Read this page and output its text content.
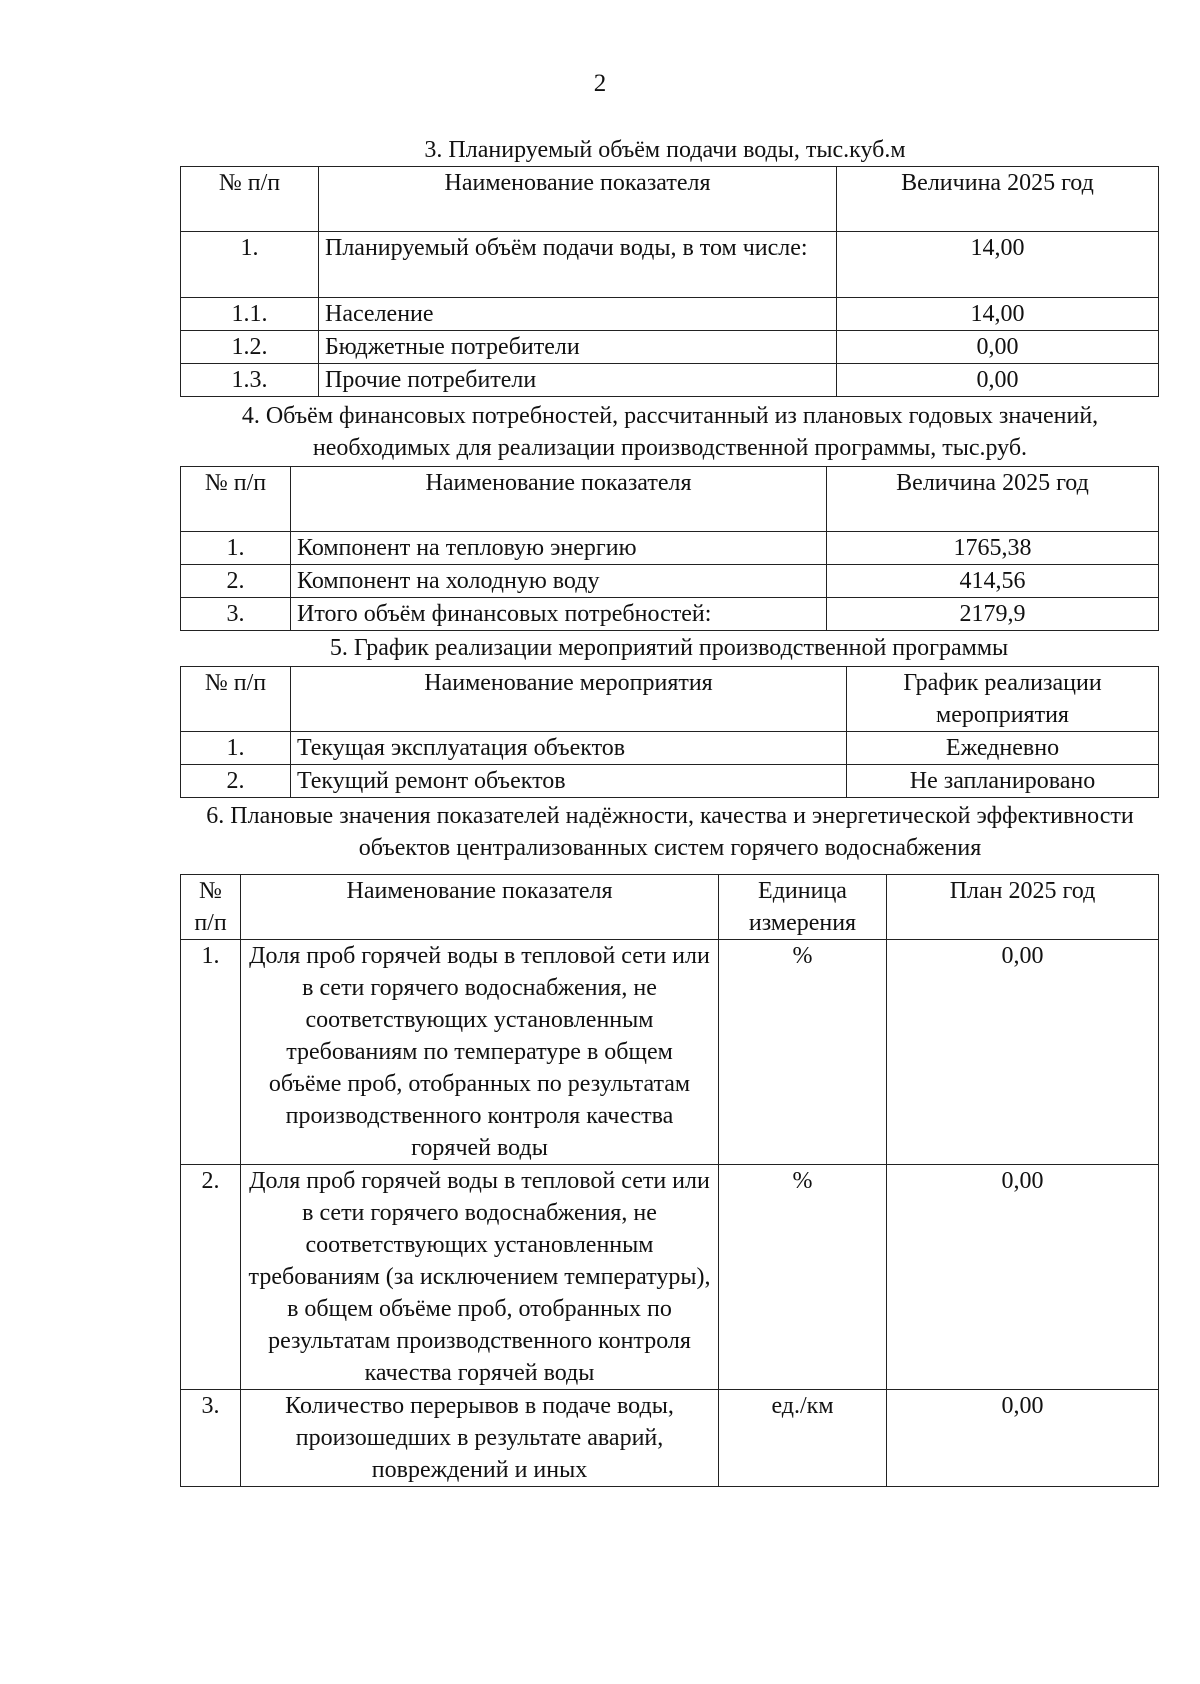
2
3. Планируемый объём подачи воды, тыс.куб.м
№ п/п	Наименование показателя	Величина 2025 год
1.	Планируемый объём подачи воды, в том числе:	14,00
1.1.	Население	14,00
1.2.	Бюджетные потребители	0,00
1.3.	Прочие потребители	0,00
4. Объём финансовых потребностей, рассчитанный из плановых годовых значений, необходимых для реализации производственной программы, тыс.руб.
№ п/п	Наименование показателя	Величина 2025 год
1.	Компонент на тепловую энергию	1765,38
2.	Компонент на холодную воду	414,56
3.	Итого объём финансовых потребностей:	2179,9
5. График реализации мероприятий производственной программы
№ п/п	Наименование мероприятия	График реализации мероприятия
1.	Текущая эксплуатация объектов	Ежедневно
2.	Текущий ремонт объектов	Не запланировано
6. Плановые значения показателей надёжности, качества и энергетической эффективности объектов централизованных систем горячего водоснабжения
№ п/п	Наименование показателя	Единица измерения	План 2025 год
1.	Доля проб горячей воды в тепловой сети или в сети горячего водоснабжения, не соответствующих установленным требованиям по температуре в общем объёме проб, отобранных по результатам производственного контроля качества горячей воды	%	0,00
2.	Доля проб горячей воды в тепловой сети или в сети горячего водоснабжения, не соответствующих установленным требованиям (за исключением температуры), в общем объёме проб, отобранных по результатам производственного контроля качества горячей воды	%	0,00
3.	Количество перерывов в подаче воды, произошедших в результате аварий, повреждений и иных	ед./км	0,00
